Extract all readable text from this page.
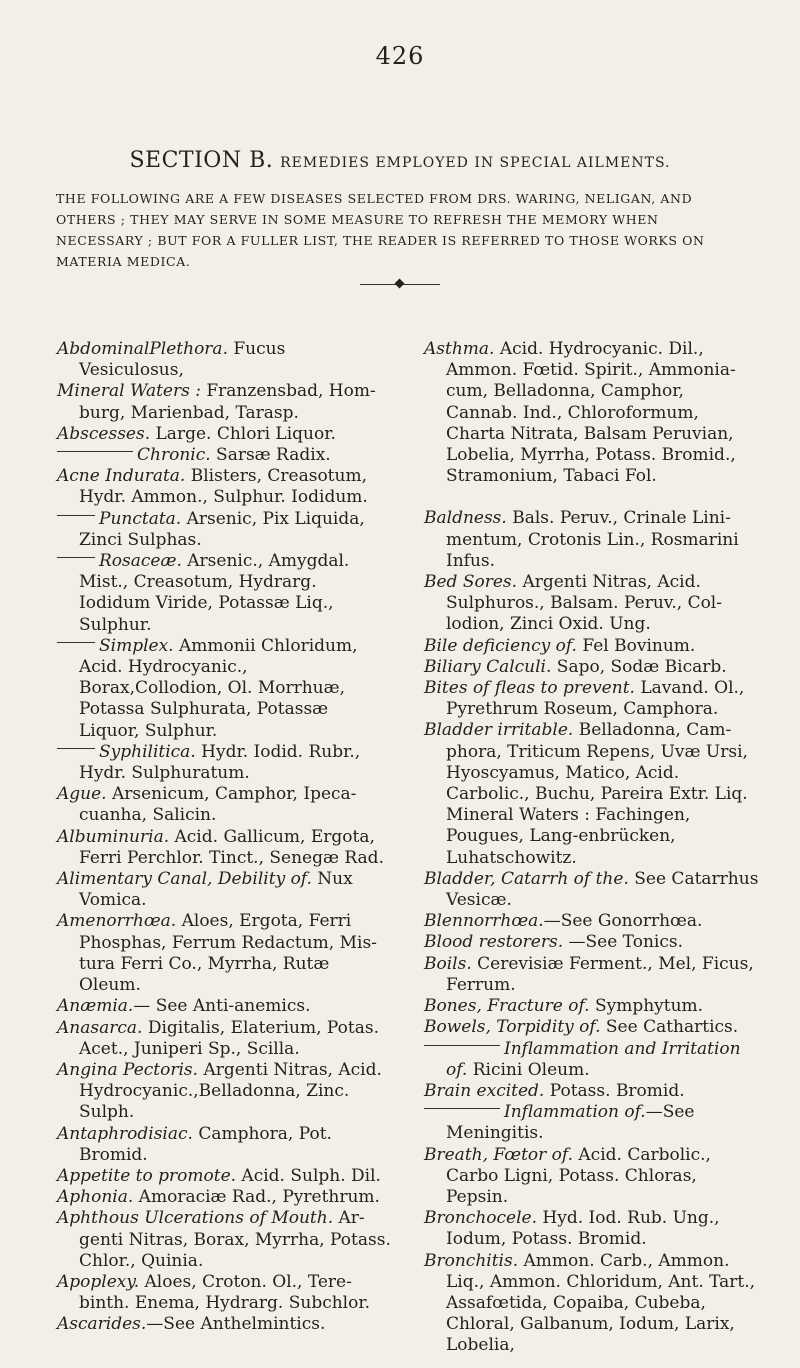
426
SECTION B. REMEDIES EMPLOYED IN SPECIAL AILMENTS.
THE FOLLOWING ARE A FEW DISEASES SELECTED FROM DRS. WARING, NELIGAN, AND OTHERS ; THEY MAY SERVE IN SOME MEASURE TO REFRESH THE MEMORY WHEN NECESSARY ; BUT FOR A FULLER LIST, THE READER IS REFERRED TO THOSE WORKS ON MATERIA MEDICA.

AbdominalPlethora. Fucus Vesiculosus,

Mineral Waters : Franzensbad, Hom-burg, Marienbad, Tarasp.

Abscesses. Large. Chlori Liquor.

Chronic. Sarsæ Radix.

Acne Indurata. Blisters, Creasotum, Hydr. Ammon., Sulphur. Iodidum.

Punctata. Arsenic, Pix Liquida, Zinci Sulphas.

Rosaceæ. Arsenic., Amygdal. Mist., Creasotum, Hydrarg. Iodidum Viride, Potassæ Liq., Sulphur.

Simplex. Ammonii Chloridum, Acid. Hydrocyanic., Borax,Collodion, Ol. Morrhuæ, Potassa Sulphurata, Potassæ Liquor, Sulphur.

Syphilitica. Hydr. Iodid. Rubr., Hydr. Sulphuratum.

Ague. Arsenicum, Camphor, Ipeca-cuanha, Salicin.

Albuminuria. Acid. Gallicum, Ergota, Ferri Perchlor. Tinct., Senegæ Rad.

Alimentary Canal, Debility of. Nux Vomica.

Amenorrhœa. Aloes, Ergota, Ferri Phosphas, Ferrum Redactum, Mis-tura Ferri Co., Myrrha, Rutæ Oleum.

Anæmia.— See Anti-anemics.

Anasarca. Digitalis, Elaterium, Potas. Acet., Juniperi Sp., Scilla.

Angina Pectoris. Argenti Nitras, Acid. Hydrocyanic.,Belladonna, Zinc. Sulph.

Antaphrodisiac. Camphora, Pot. Bromid.

Appetite to promote. Acid. Sulph. Dil.

Aphonia. Amoraciæ Rad., Pyrethrum.

Aphthous Ulcerations of Mouth. Ar-genti Nitras, Borax, Myrrha, Potass. Chlor., Quinia.

Apoplexy. Aloes, Croton. Ol., Tere-binth. Enema, Hydrarg. Subchlor.

Ascarides.—See Anthelmintics.

Asthma. Acid. Hydrocyanic. Dil., Ammon. Fœtid. Spirit., Ammonia-cum, Belladonna, Camphor, Cannab. Ind., Chloroformum, Charta Nitrata, Balsam Peruvian, Lobelia, Myrrha, Potass. Bromid., Stramonium, Tabaci Fol.

Baldness. Bals. Peruv., Crinale Lini-mentum, Crotonis Lin., Rosmarini Infus.

Bed Sores. Argenti Nitras, Acid. Sulphuros., Balsam. Peruv., Col-lodion, Zinci Oxid. Ung.

Bile deficiency of. Fel Bovinum.

Biliary Calculi. Sapo, Sodæ Bicarb.

Bites of fleas to prevent. Lavand. Ol., Pyrethrum Roseum, Camphora.

Bladder irritable. Belladonna, Cam-phora, Triticum Repens, Uvæ Ursi, Hyoscyamus, Matico, Acid. Carbolic., Buchu, Pareira Extr. Liq. Mineral Waters : Fachingen, Pougues, Lang-enbrücken, Luhatschowitz.

Bladder, Catarrh of the. See Catarrhus Vesicæ.

Blennorrhœa.—See Gonorrhœa.

Blood restorers. —See Tonics.

Boils. Cerevisiæ Ferment., Mel, Ficus, Ferrum.

Bones, Fracture of. Symphytum.

Bowels, Torpidity of. See Cathartics.

Inflammation and Irritation of. Ricini Oleum.

Brain excited. Potass. Bromid.

Inflammation of.—See Meningitis.

Breath, Fœtor of. Acid. Carbolic., Carbo Ligni, Potass. Chloras, Pepsin.

Bronchocele. Hyd. Iod. Rub. Ung., Iodum, Potass. Bromid.

Bronchitis. Ammon. Carb., Ammon. Liq., Ammon. Chloridum, Ant. Tart., Assafœtida, Copaiba, Cubeba, Chloral, Galbanum, Iodum, Larix, Lobelia,
